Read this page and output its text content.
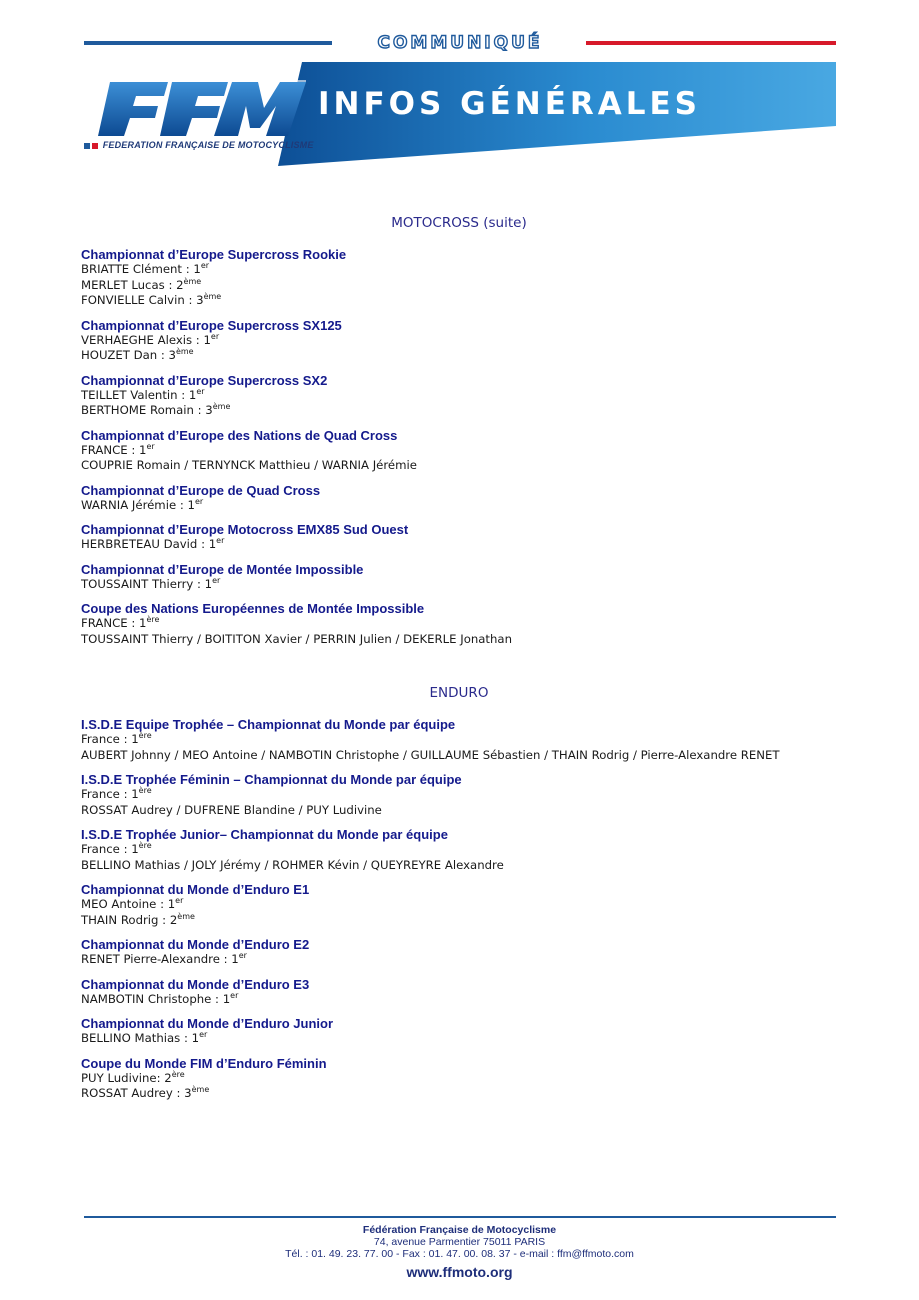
COMMUNIQUÉ
INFOS GÉNÉRALES
FEDERATION FRANÇAISE DE MOTOCYCLISME
MOTOCROSS (suite)
Championnat d’Europe Supercross Rookie
BRIATTE Clément : 1er
MERLET Lucas : 2ème
FONVIELLE Calvin : 3ème
Championnat d’Europe Supercross SX125
VERHAEGHE Alexis : 1er
HOUZET Dan : 3ème
Championnat d’Europe Supercross SX2
TEILLET Valentin : 1er
BERTHOME Romain : 3ème
Championnat d’Europe des Nations de Quad Cross
FRANCE : 1er
COUPRIE Romain / TERNYNCK Matthieu / WARNIA Jérémie
Championnat d’Europe de Quad Cross
WARNIA Jérémie : 1er
Championnat d’Europe Motocross EMX85 Sud Ouest
HERBRETEAU David : 1er
Championnat d’Europe de Montée Impossible
TOUSSAINT Thierry : 1er
Coupe des Nations Européennes de Montée Impossible
FRANCE : 1ère
TOUSSAINT Thierry / BOITITON Xavier / PERRIN Julien / DEKERLE Jonathan
ENDURO
I.S.D.E Equipe Trophée – Championnat du Monde par équipe
France : 1ère
AUBERT Johnny / MEO Antoine / NAMBOTIN Christophe / GUILLAUME Sébastien / THAIN Rodrig / Pierre-Alexandre RENET
I.S.D.E Trophée Féminin – Championnat du Monde par équipe
France : 1ère
ROSSAT Audrey / DUFRENE Blandine / PUY Ludivine
I.S.D.E Trophée Junior– Championnat du Monde par équipe
France : 1ère
BELLINO Mathias / JOLY Jérémy / ROHMER Kévin / QUEYREYRE Alexandre
Championnat du Monde d’Enduro E1
MEO Antoine : 1er
THAIN Rodrig : 2ème
Championnat du Monde d’Enduro E2
RENET Pierre-Alexandre : 1er
Championnat du Monde d’Enduro E3
NAMBOTIN Christophe : 1er
Championnat du Monde d’Enduro Junior
BELLINO Mathias : 1er
Coupe du Monde FIM d’Enduro Féminin
PUY Ludivine: 2ère
ROSSAT Audrey : 3ème
Fédération Française de Motocyclisme
74, avenue Parmentier 75011 PARIS
Tél. : 01. 49. 23. 77. 00 - Fax : 01. 47. 00. 08. 37 - e-mail : ffm@ffmoto.com
www.ffmoto.org
